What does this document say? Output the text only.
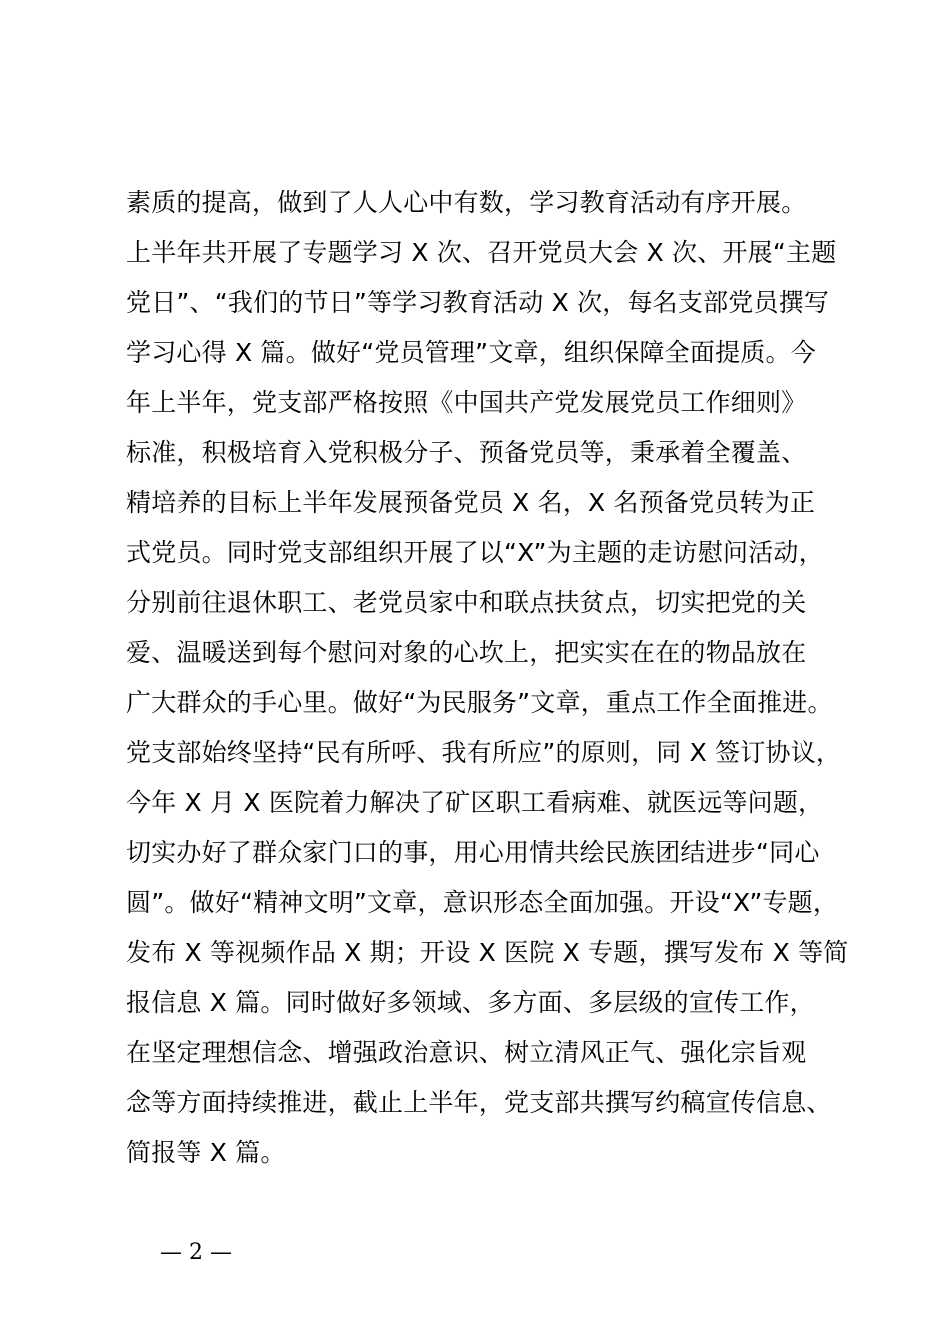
素质的提高，做到了人人心中有数，学习教育活动有序开展。
上半年共开展了专题学习 X 次、召开党员大会 X 次、开展“主题
党日”、“我们的节日”等学习教育活动 X 次，每名支部党员撰写
学习心得 X 篇。做好“党员管理”文章，组织保障全面提质。今
年上半年，党支部严格按照《中国共产党发展党员工作细则》
标准，积极培育入党积极分子、预备党员等，秉承着全覆盖、
精培养的目标上半年发展预备党员 X 名，X 名预备党员转为正
式党员。同时党支部组织开展了以“X”为主题的走访慰问活动，
分别前往退休职工、老党员家中和联点扶贫点，切实把党的关
爱、温暖送到每个慰问对象的心坎上，把实实在在的物品放在
广大群众的手心里。做好“为民服务”文章，重点工作全面推进。
党支部始终坚持“民有所呼、我有所应”的原则，同 X 签订协议，
今年 X 月 X 医院着力解决了矿区职工看病难、就医远等问题，
切实办好了群众家门口的事，用心用情共绘民族团结进步“同心
圆”。做好“精神文明”文章，意识形态全面加强。开设“X”专题，
发布 X 等视频作品 X 期；开设 X 医院 X 专题，撰写发布 X 等简
报信息 X 篇。同时做好多领域、多方面、多层级的宣传工作，
在坚定理想信念、增强政治意识、树立清风正气、强化宗旨观
念等方面持续推进，截止上半年，党支部共撰写约稿宣传信息、
简报等 X 篇。
— 2 —
